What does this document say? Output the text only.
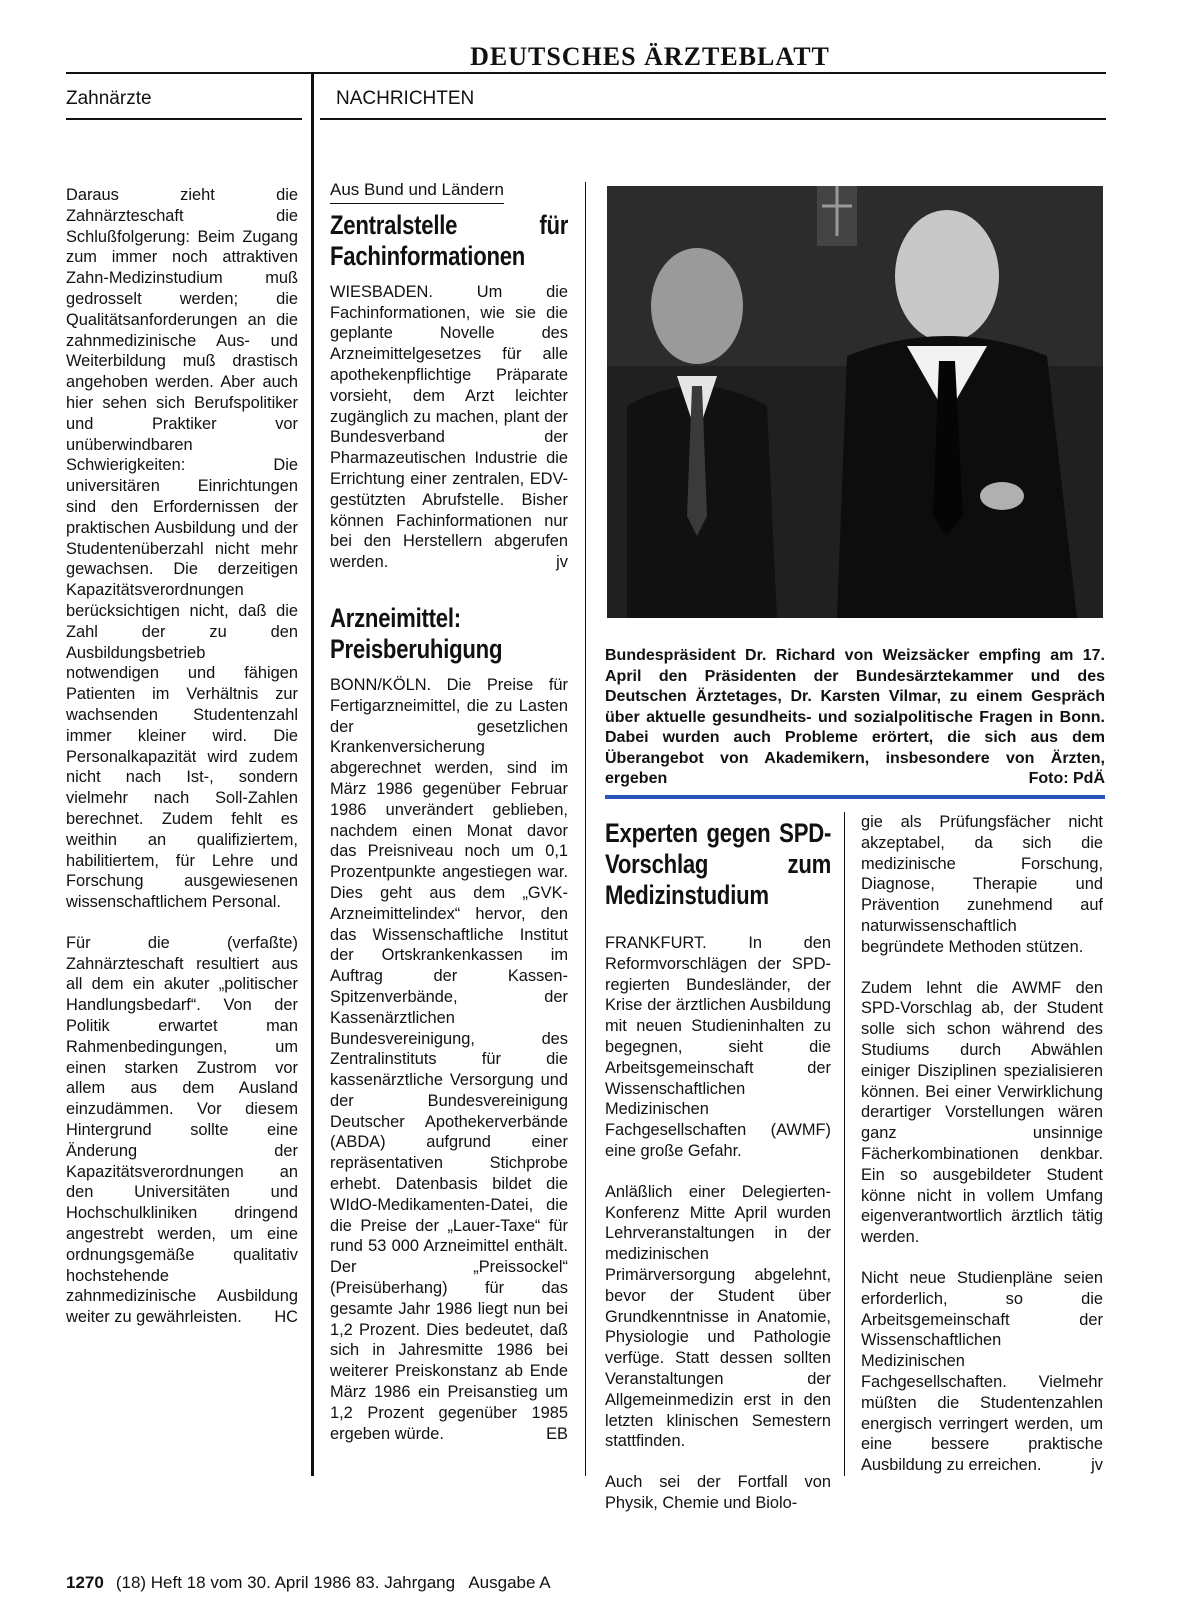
DEUTSCHES ÄRZTEBLATT
Zahnärzte	NACHRICHTEN

Daraus zieht die Zahnärzteschaft die Schlußfolgerung: Beim Zugang zum immer noch attraktiven Zahn-Medizinstudium muß gedrosselt werden; die Qualitätsanforderungen an die zahnmedizinische Aus- und Weiterbildung muß drastisch angehoben werden. Aber auch hier sehen sich Berufspolitiker und Praktiker vor unüberwindbaren Schwierigkeiten: Die universitären Einrichtungen sind den Erfordernissen der praktischen Ausbildung und der Studentenüberzahl nicht mehr gewachsen. Die derzeitigen Kapazitätsverordnungen berücksichtigen nicht, daß die Zahl der zu den Ausbildungsbetrieb notwendigen und fähigen Patienten im Verhältnis zur wachsenden Studentenzahl immer kleiner wird. Die Personalkapazität wird zudem nicht nach Ist-, sondern vielmehr nach Soll-Zahlen berechnet. Zudem fehlt es weithin an qualifiziertem, habilitiertem, für Lehre und Forschung ausgewiesenen wissenschaftlichem Personal.

Für die (verfaßte) Zahnärzteschaft resultiert aus all dem ein akuter „politischer Handlungsbedarf“. Von der Politik erwartet man Rahmenbedingungen, um einen starken Zustrom vor allem aus dem Ausland einzudämmen. Vor diesem Hintergrund sollte eine Änderung der Kapazitätsverordnungen an den Universitäten und Hochschulkliniken dringend angestrebt werden, um eine ordnungsgemäße qualitativ hochstehende zahnmedizinische Ausbildung weiter zu gewährleisten. HC

Aus Bund und Ländern
Zentralstelle für Fachinformationen

WIESBADEN. Um die Fachinformationen, wie sie die geplante Novelle des Arzneimittelgesetzes für alle apothekenpflichtige Präparate vorsieht, dem Arzt leichter zugänglich zu machen, plant der Bundesverband der Pharmazeutischen Industrie die Errichtung einer zentralen, EDV-gestützten Abrufstelle. Bisher können Fachinformationen nur bei den Herstellern abgerufen werden.	jv

Arzneimittel: Preisberuhigung

BONN/KÖLN. Die Preise für Fertigarzneimittel, die zu Lasten der gesetzlichen Krankenversicherung abgerechnet werden, sind im März 1986 gegenüber Februar 1986 unverändert geblieben, nachdem einen Monat davor das Preisniveau noch um 0,1 Prozentpunkte angestiegen war. Dies geht aus dem „GVK-Arzneimittelindex“ hervor, den das Wissenschaftliche Institut der Ortskrankenkassen im Auftrag der Kassen-Spitzenverbände, der Kassenärztlichen Bundesvereinigung, des Zentralinstituts für die kassenärztliche Versorgung und der Bundesvereinigung Deutscher Apothekerverbände (ABDA) aufgrund einer repräsentativen Stichprobe erhebt. Datenbasis bildet die WIdO-Medikamenten-Datei, die die Preise der „Lauer-Taxe“ für rund 53 000 Arzneimittel enthält. Der „Preissockel“ (Preisüberhang) für das gesamte Jahr 1986 liegt nun bei 1,2 Prozent. Dies bedeutet, daß sich in Jahresmitte 1986 bei weiterer Preiskonstanz ab Ende März 1986 ein Preisanstieg um 1,2 Prozent gegenüber 1985 ergeben würde.	EB

Bundespräsident Dr. Richard von Weizsäcker empfing am 17. April den Präsidenten der Bundesärztekammer und des Deutschen Ärztetages, Dr. Karsten Vilmar, zu einem Gespräch über aktuelle gesundheits- und sozialpolitische Fragen in Bonn. Dabei wurden auch Probleme erörtert, die sich aus dem Überangebot von Akademikern, insbesondere von Ärzten, ergeben	Foto: PdÄ
Experten gegen SPD-Vorschlag zum Medizinstudium

FRANKFURT. In den Reformvorschlägen der SPD-regierten Bundesländer, der Krise der ärztlichen Ausbildung mit neuen Studieninhalten zu begegnen, sieht die Arbeitsgemeinschaft der Wissenschaftlichen Medizinischen Fachgesellschaften (AWMF) eine große Gefahr.

Anläßlich einer Delegierten-Konferenz Mitte April wurden Lehrveranstaltungen in der medizinischen Primärversorgung abgelehnt, bevor der Student über Grundkenntnisse in Anatomie, Physiologie und Pathologie verfüge. Statt dessen sollten Veranstaltungen der Allgemeinmedizin erst in den letzten klinischen Semestern stattfinden.

Auch sei der Fortfall von Physik, Chemie und Biolo-

gie als Prüfungsfächer nicht akzeptabel, da sich die medizinische Forschung, Diagnose, Therapie und Prävention zunehmend auf naturwissenschaftlich begründete Methoden stützen.

Zudem lehnt die AWMF den SPD-Vorschlag ab, der Student solle sich schon während des Studiums durch Abwählen einiger Disziplinen spezialisieren können. Bei einer Verwirklichung derartiger Vorstellungen wären ganz unsinnige Fächerkombinationen denkbar. Ein so ausgebildeter Student könne nicht in vollem Umfang eigenverantwortlich ärztlich tätig werden.

Nicht neue Studienpläne seien erforderlich, so die Arbeitsgemeinschaft der Wissenschaftlichen Medizinischen Fachgesellschaften. Vielmehr müßten die Studentenzahlen energisch verringert werden, um eine bessere praktische Ausbildung zu erreichen.	jv

1270 (18) Heft 18 vom 30. April 1986 83. Jahrgang   Ausgabe A
